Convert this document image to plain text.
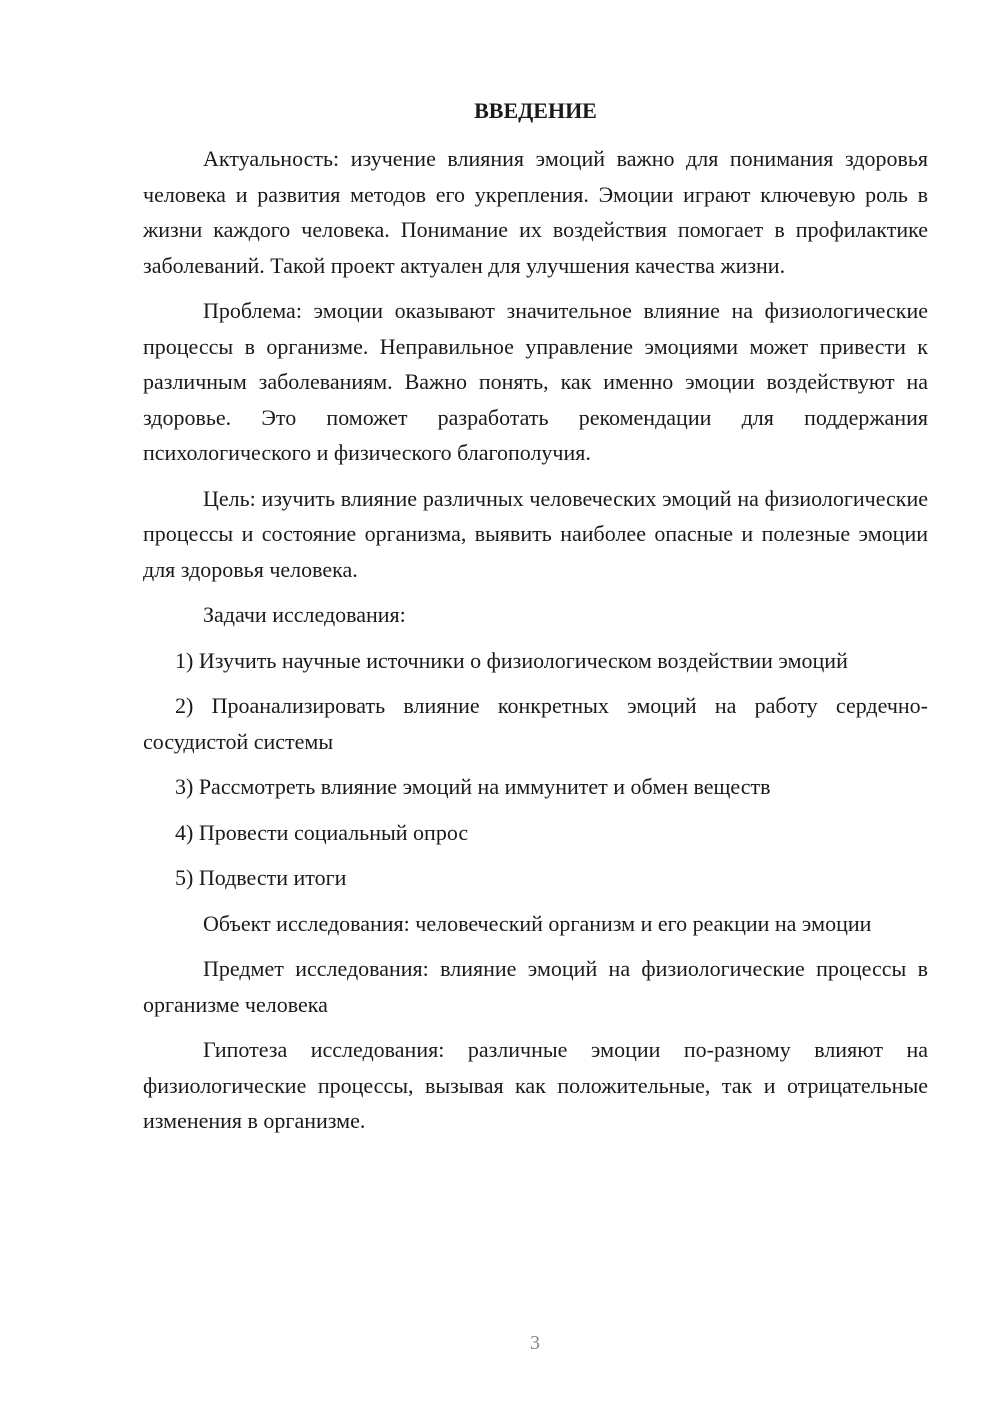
ВВЕДЕНИЕ

Актуальность: изучение влияния эмоций важно для понимания здоровья человека и развития методов его укрепления. Эмоции играют ключевую роль в жизни каждого человека. Понимание их воздействия помогает в профилактике заболеваний. Такой проект актуален для улучшения качества жизни.

Проблема: эмоции оказывают значительное влияние на физиологические процессы в организме. Неправильное управление эмоциями может привести к различным заболеваниям. Важно понять, как именно эмоции воздействуют на здоровье. Это поможет разработать рекомендации для поддержания психологического и физического благополучия.

Цель: изучить влияние различных человеческих эмоций на физиологические процессы и состояние организма, выявить наиболее опасные и полезные эмоции для здоровья человека.

Задачи исследования:

1) Изучить научные источники о физиологическом воздействии эмоций

2) Проанализировать влияние конкретных эмоций на работу сердечно-сосудистой системы

3) Рассмотреть влияние эмоций на иммунитет и обмен веществ

4) Провести социальный опрос

5) Подвести итоги

Объект исследования: человеческий организм и его реакции на эмоции

Предмет исследования: влияние эмоций на физиологические процессы в организме человека

Гипотеза исследования: различные эмоции по-разному влияют на физиологические процессы, вызывая как положительные, так и отрицательные изменения в организме.

3
